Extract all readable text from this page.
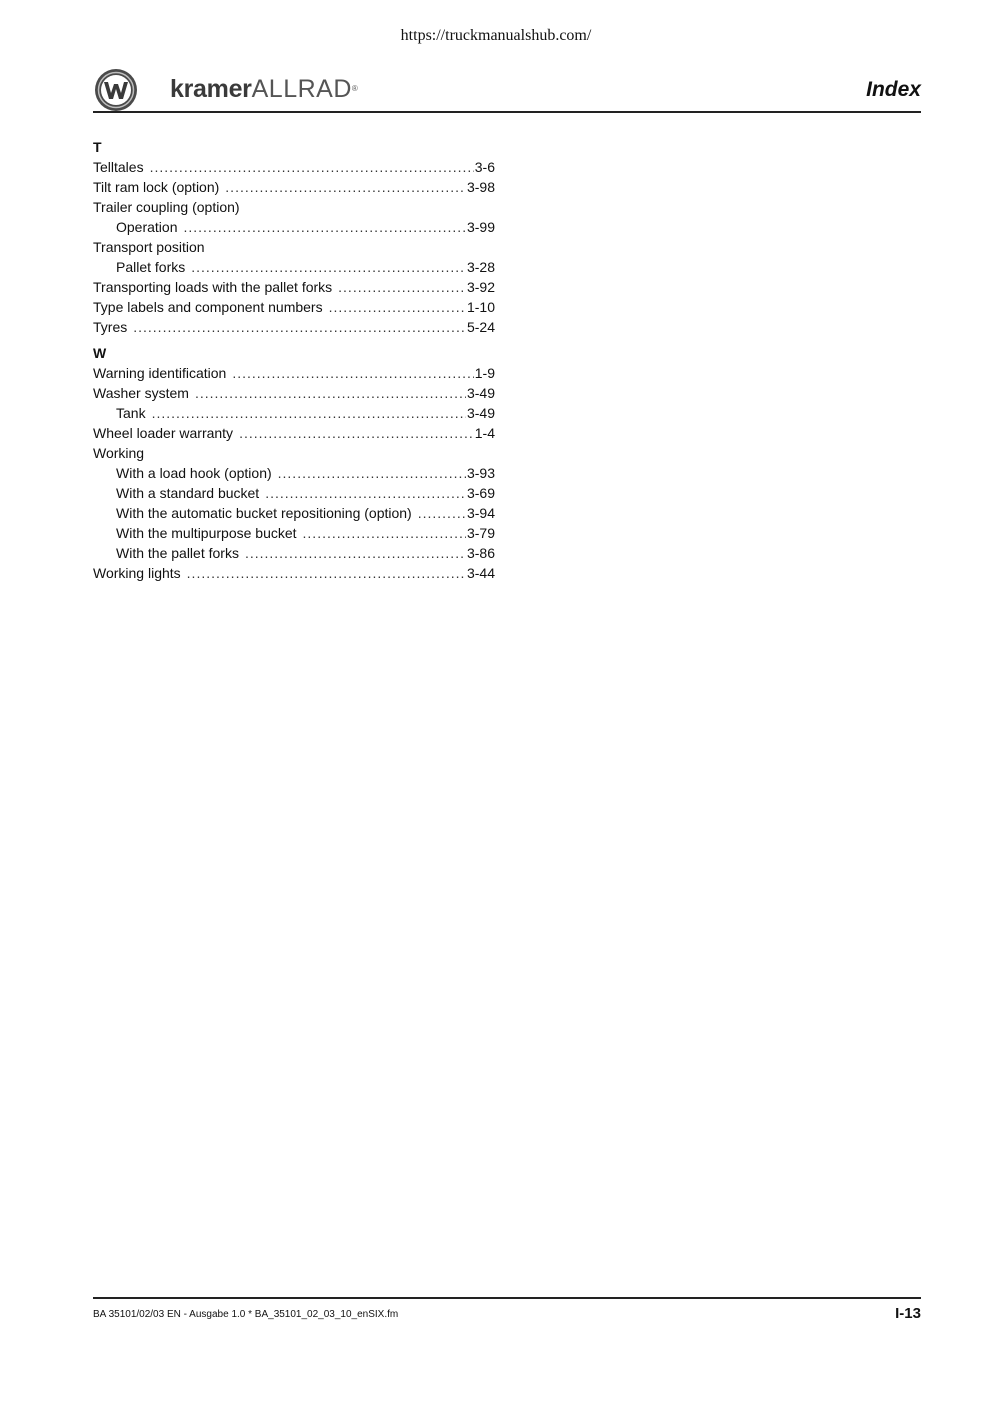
https://truckmanualshub.com/
kramerALLRAD®	Index
T
Telltales .....	3-6
Tilt ram lock (option) .....	3-98
Trailer coupling (option)
Operation .....	3-99
Transport position
Pallet forks .....	3-28
Transporting loads with the pallet forks .....	3-92
Type labels and component numbers .....	1-10
Tyres .....	5-24
W
Warning identification .....	1-9
Washer system .....	3-49
Tank .....	3-49
Wheel loader warranty .....	1-4
Working
With a load hook (option) .....	3-93
With a standard bucket .....	3-69
With the automatic bucket repositioning (option) .....	3-94
With the multipurpose bucket .....	3-79
With the pallet forks .....	3-86
Working lights .....	3-44
BA 35101/02/03 EN - Ausgabe 1.0 * BA_35101_02_03_10_enSIX.fm	I-13
